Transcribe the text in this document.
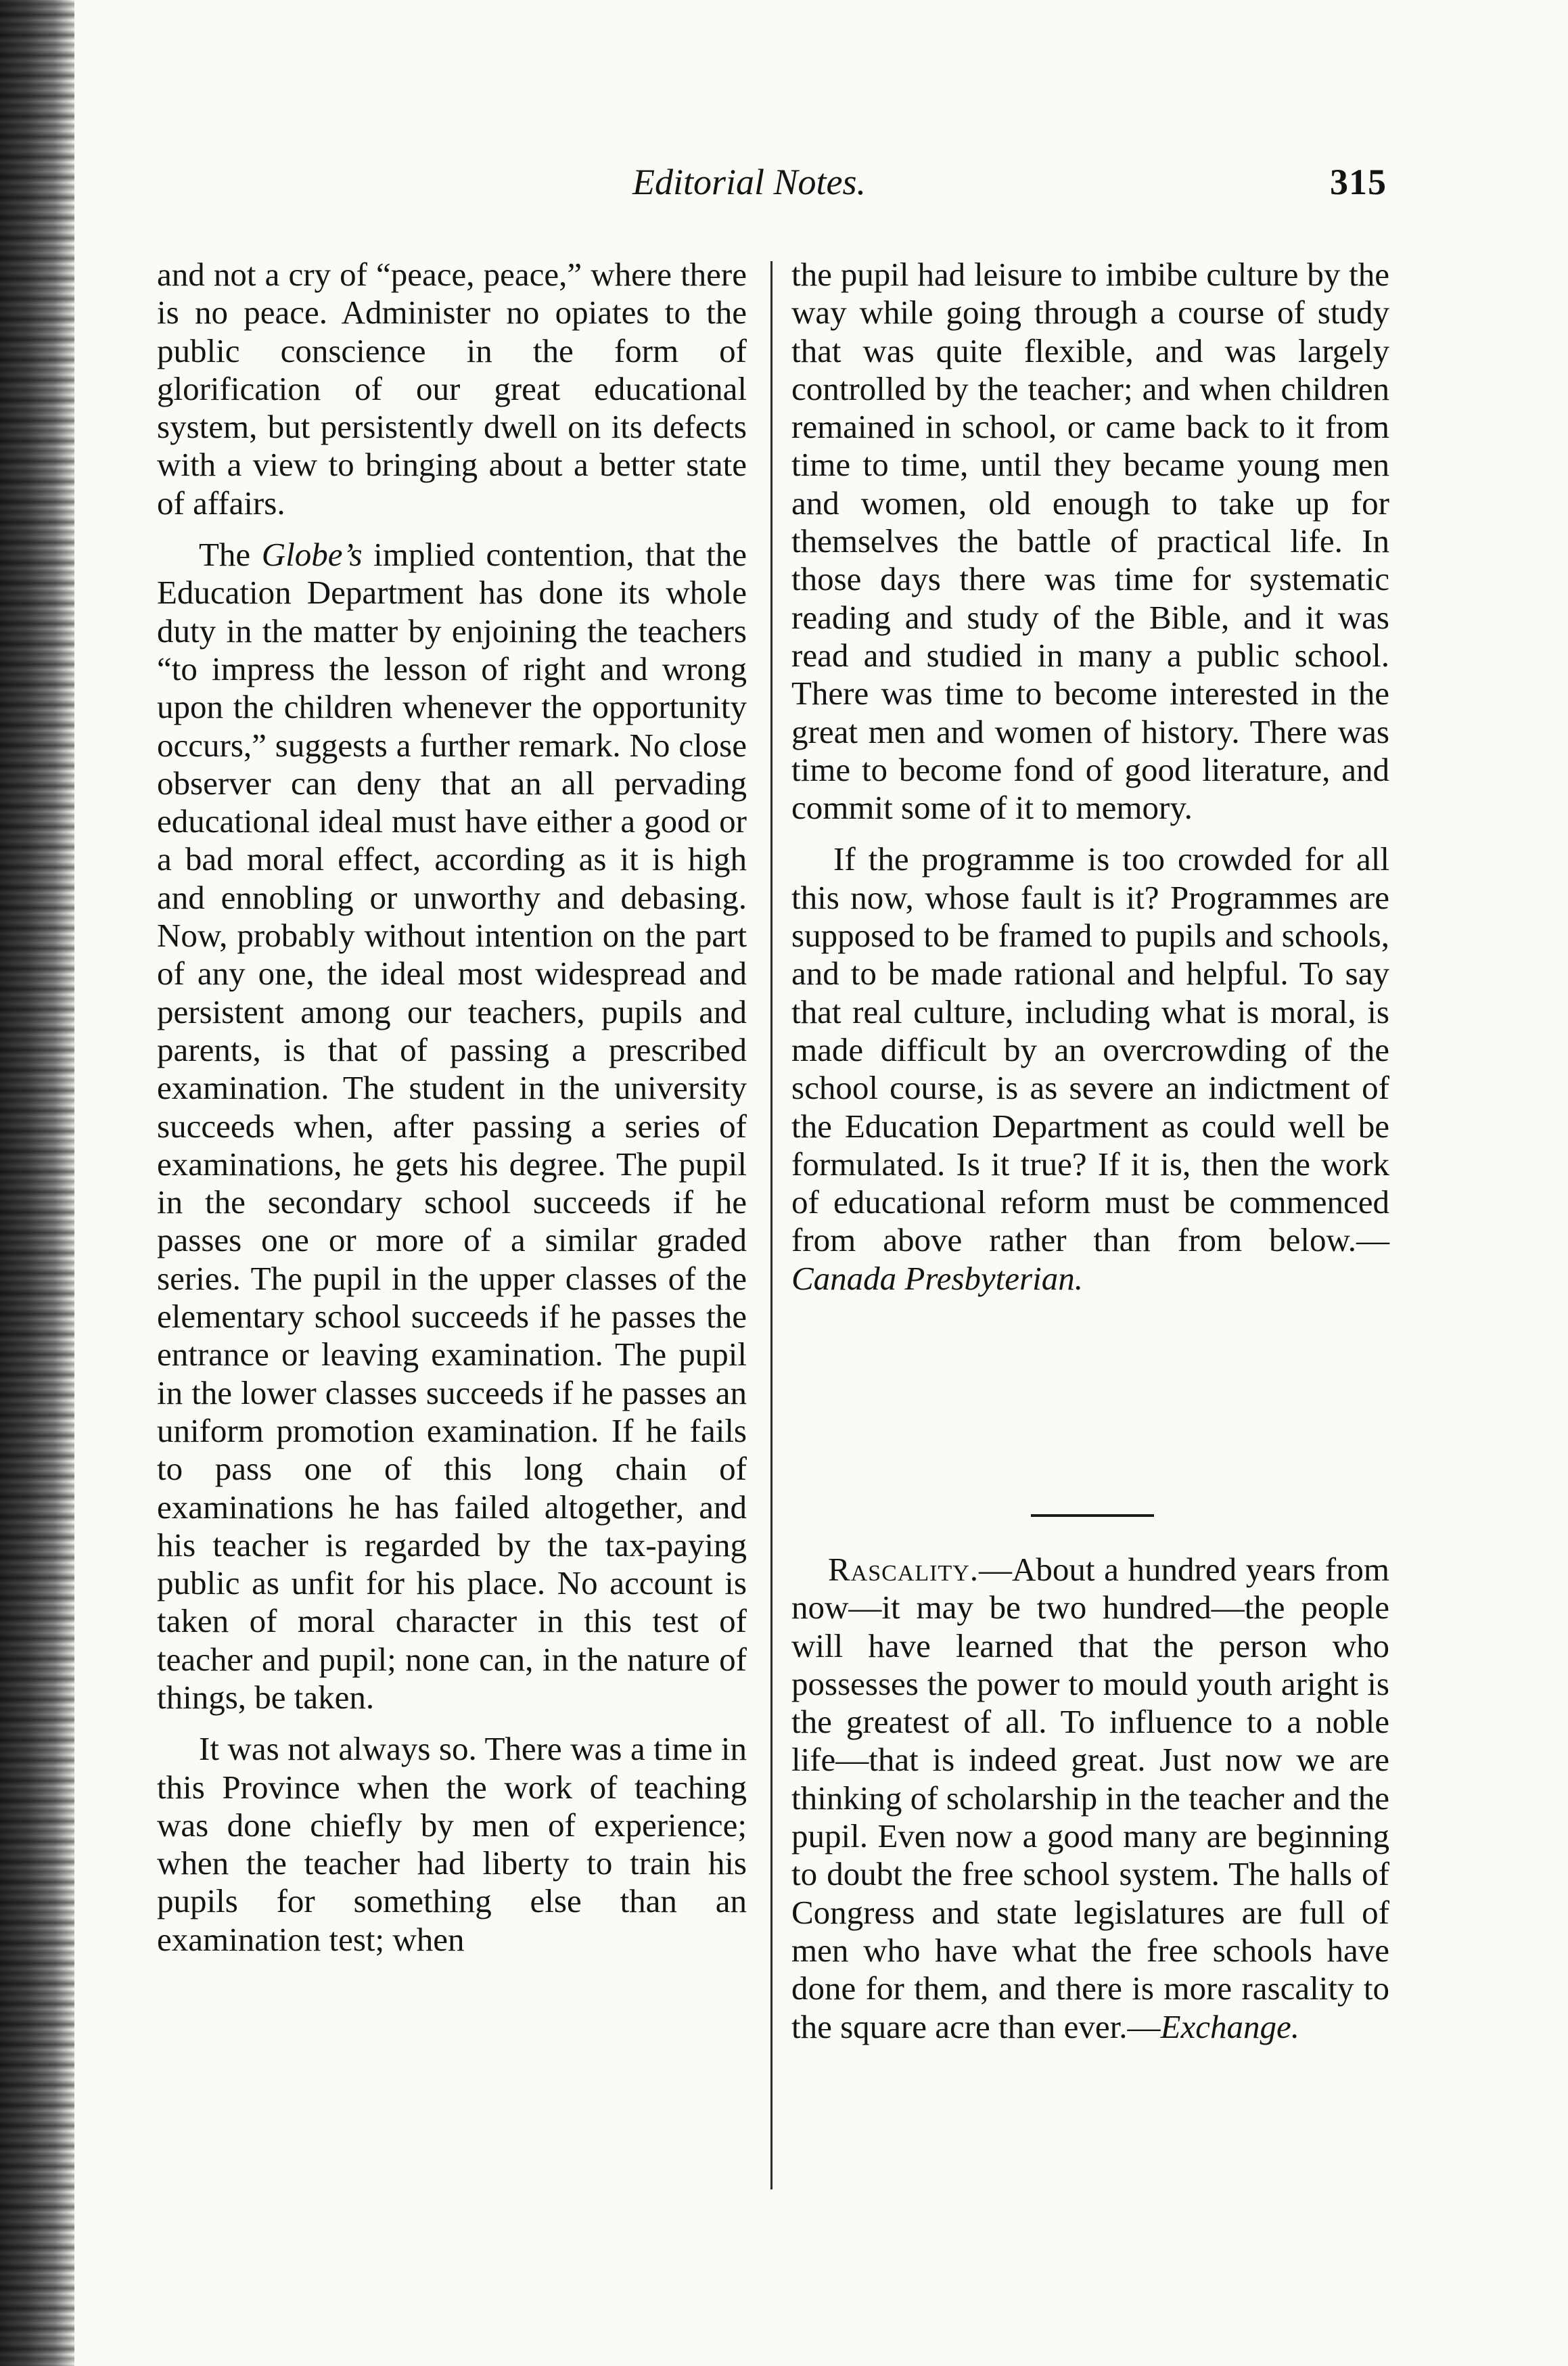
Editorial Notes.	315

and not a cry of “peace, peace,” where there is no peace. Administer no opiates to the public conscience in the form of glorification of our great educational system, but persistently dwell on its defects with a view to bringing about a better state of affairs.

The Globe’s implied contention, that the Education Department has done its whole duty in the matter by enjoining the teachers “to impress the lesson of right and wrong upon the children whenever the opportunity occurs,” suggests a further remark. No close observer can deny that an all pervading educational ideal must have either a good or a bad moral effect, according as it is high and ennobling or unworthy and debasing. Now, probably without intention on the part of any one, the ideal most widespread and persistent among our teachers, pupils and parents, is that of passing a prescribed examination. The student in the university succeeds when, after passing a series of examinations, he gets his degree. The pupil in the secondary school succeeds if he passes one or more of a similar graded series. The pupil in the upper classes of the elementary school succeeds if he passes the entrance or leaving examination. The pupil in the lower classes succeeds if he passes an uniform promotion examination. If he fails to pass one of this long chain of examinations he has failed altogether, and his teacher is regarded by the tax-paying public as unfit for his place. No account is taken of moral character in this test of teacher and pupil; none can, in the nature of things, be taken.

It was not always so. There was a time in this Province when the work of teaching was done chiefly by men of experience; when the teacher had liberty to train his pupils for something else than an examination test; when

the pupil had leisure to imbibe culture by the way while going through a course of study that was quite flexible, and was largely controlled by the teacher; and when children remained in school, or came back to it from time to time, until they became young men and women, old enough to take up for themselves the battle of practical life. In those days there was time for systematic reading and study of the Bible, and it was read and studied in many a public school. There was time to become interested in the great men and women of history. There was time to become fond of good literature, and commit some of it to memory.

If the programme is too crowded for all this now, whose fault is it? Programmes are supposed to be framed to pupils and schools, and to be made rational and helpful. To say that real culture, including what is moral, is made difficult by an overcrowding of the school course, is as severe an indictment of the Education Department as could well be formulated. Is it true? If it is, then the work of educational reform must be commenced from above rather than from below.—Canada Presbyterian.

Rascality.—About a hundred years from now—it may be two hundred—the people will have learned that the person who possesses the power to mould youth aright is the greatest of all. To influence to a noble life—that is indeed great. Just now we are thinking of scholarship in the teacher and the pupil. Even now a good many are beginning to doubt the free school system. The halls of Congress and state legislatures are full of men who have what the free schools have done for them, and there is more rascality to the square acre than ever.—Exchange.
